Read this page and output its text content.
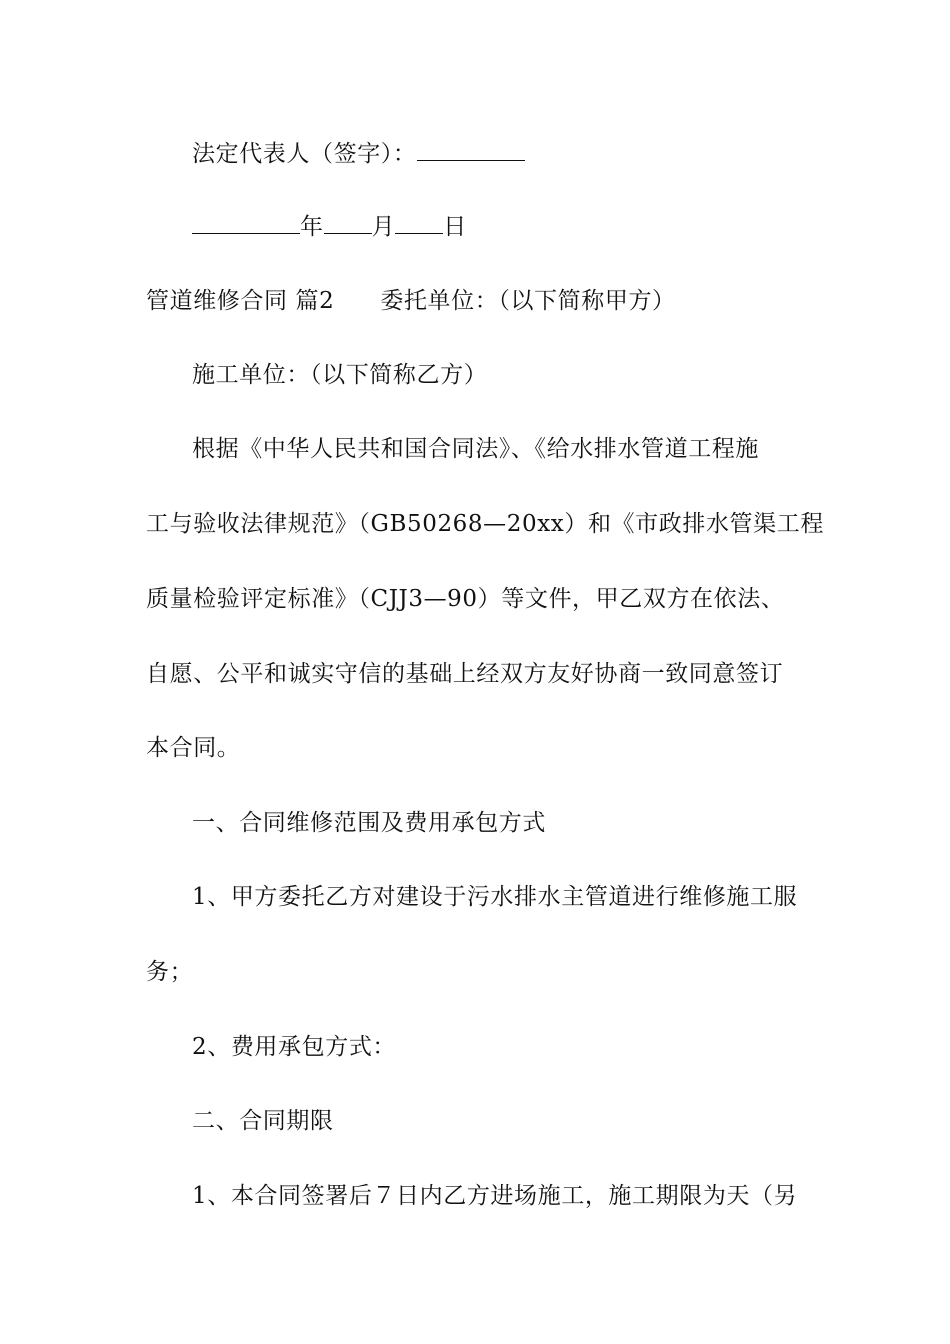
法定代表人（签字）：
年 月 日
管道维修合同 篇2 委托单位：（以下简称甲方）
施工单位：（以下简称乙方）
根据《中华人民共和国合同法》、《给水排水管道工程施
工与验收法律规范》（GB50268—20xx）和《市政排水管渠工程
质量检验评定标准》（CJJ3—90）等文件，甲乙双方在依法、
自愿、公平和诚实守信的基础上经双方友好协商一致同意签订
本合同。
一、合同维修范围及费用承包方式
1、甲方委托乙方对建设于污水排水主管道进行维修施工服
务；
2、费用承包方式：
二、合同期限
1、本合同签署后７日内乙方进场施工，施工期限为天（另
